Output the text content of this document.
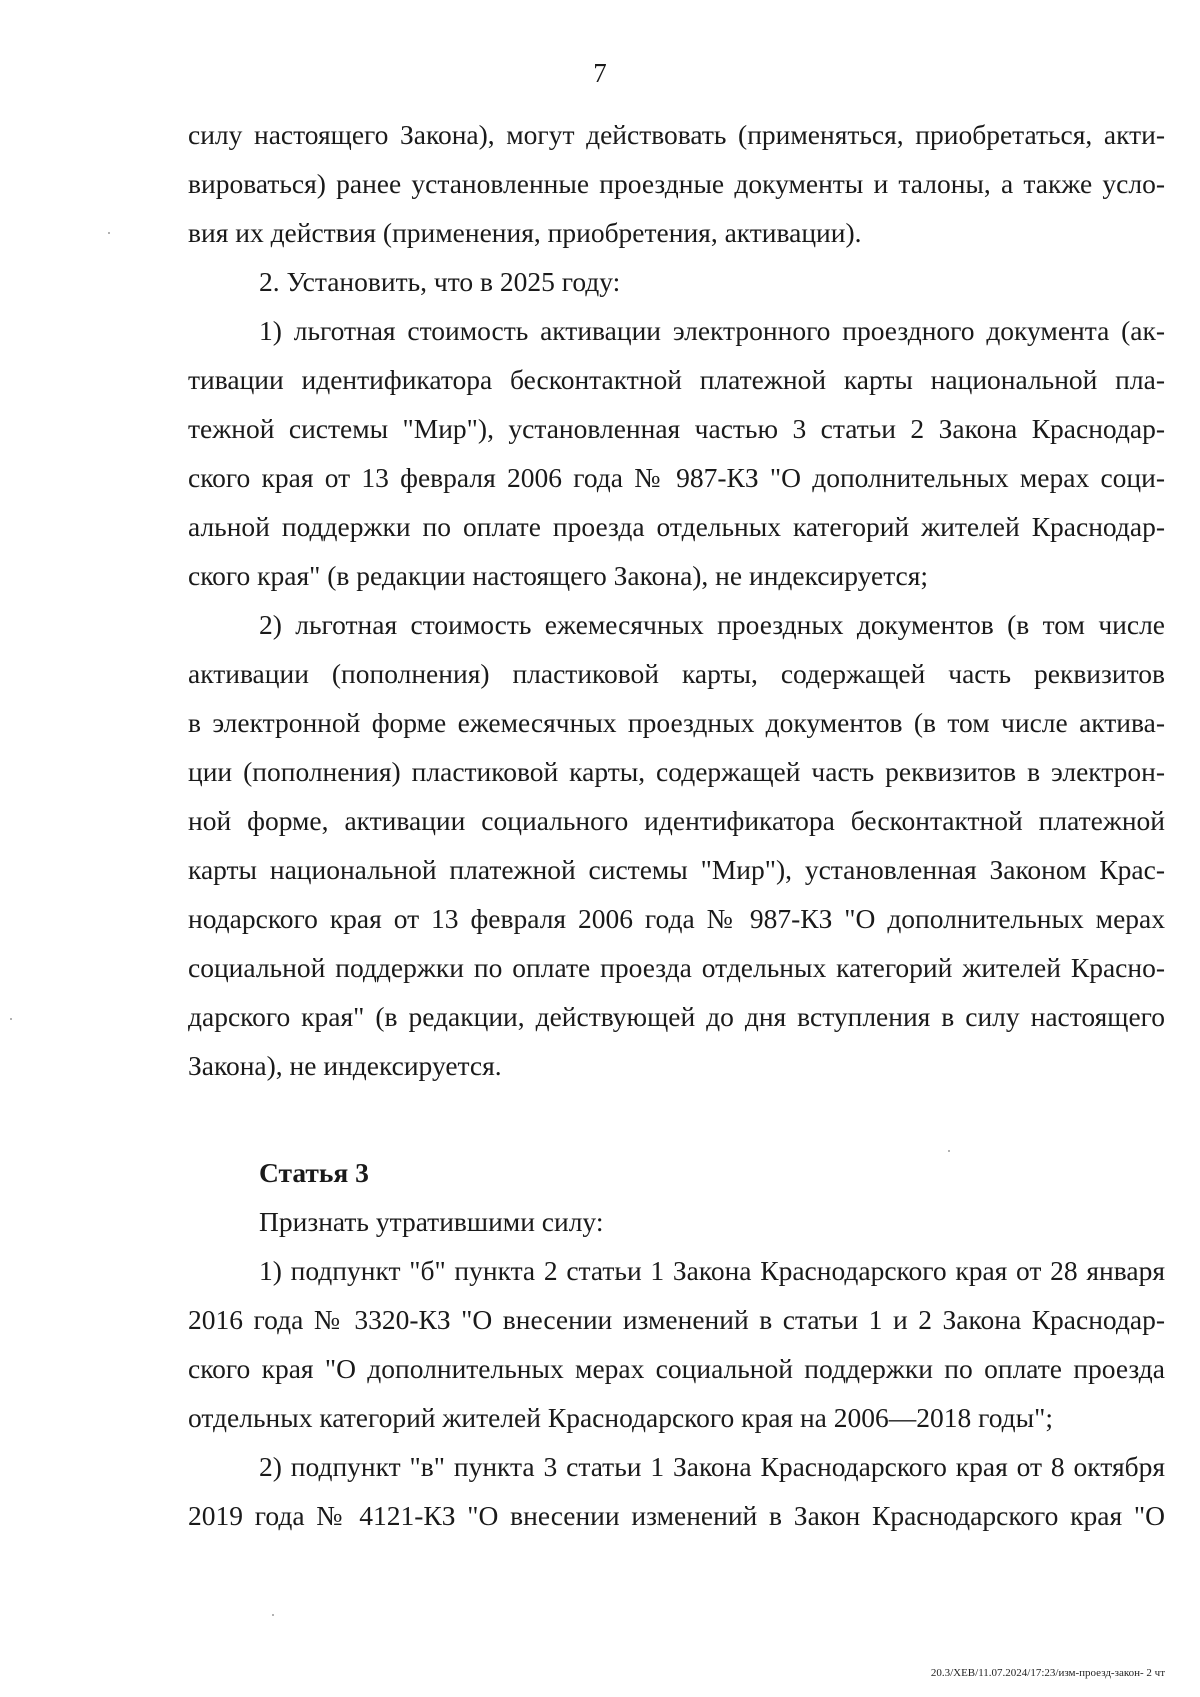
7
силу настоящего Закона), могут действовать (применяться, приобретаться, акти-
вироваться) ранее установленные проездные документы и талоны, а также усло-
вия их действия (применения, приобретения, активации).
2. Установить, что в 2025 году:
1) льготная стоимость активации электронного проездного документа (ак-
тивации идентификатора бесконтактной платежной карты национальной пла-
тежной системы "Мир"), установленная частью 3 статьи 2 Закона Краснодар-
ского края от 13 февраля 2006 года № 987-КЗ "О дополнительных мерах соци-
альной поддержки по оплате проезда отдельных категорий жителей Краснодар-
ского края" (в редакции настоящего Закона), не индексируется;
2) льготная стоимость ежемесячных проездных документов (в том числе
активации (пополнения) пластиковой карты, содержащей часть реквизитов
в электронной форме ежемесячных проездных документов (в том числе актива-
ции (пополнения) пластиковой карты, содержащей часть реквизитов в электрон-
ной форме, активации социального идентификатора бесконтактной платежной
карты национальной платежной системы "Мир"), установленная Законом Крас-
нодарского края от 13 февраля 2006 года № 987-КЗ "О дополнительных мерах
социальной поддержки по оплате проезда отдельных категорий жителей Красно-
дарского края" (в редакции, действующей до дня вступления в силу настоящего
Закона), не индексируется.
Статья 3
Признать утратившими силу:
1) подпункт "б" пункта 2 статьи 1 Закона Краснодарского края от 28 января
2016 года № 3320-КЗ "О внесении изменений в статьи 1 и 2 Закона Краснодар-
ского края "О дополнительных мерах социальной поддержки по оплате проезда
отдельных категорий жителей Краснодарского края на 2006—2018 годы";
2) подпункт "в" пункта 3 статьи 1 Закона Краснодарского края от 8 октября
2019 года № 4121-КЗ "О внесении изменений в Закон Краснодарского края "О
20.3/ХЕВ/11.07.2024/17:23/изм-проезд-закон- 2 чт
